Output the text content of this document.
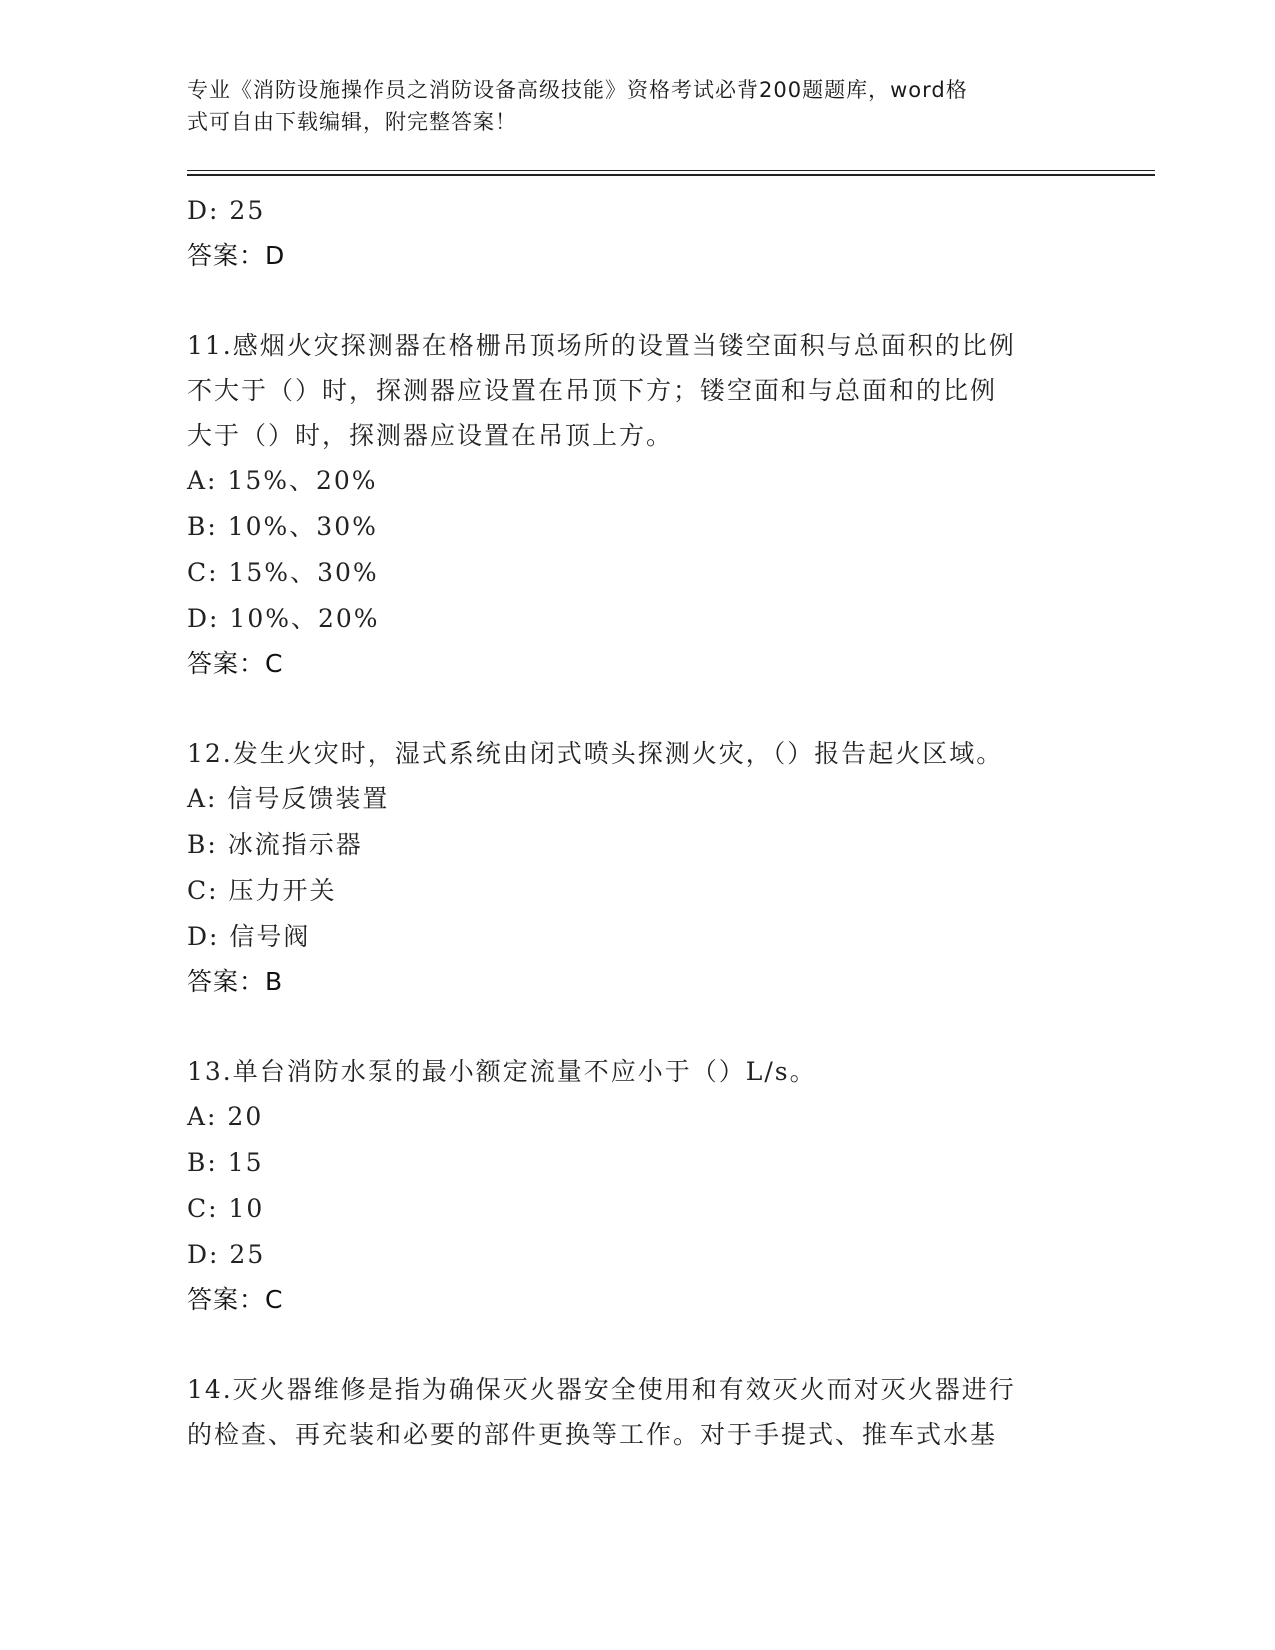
专业《消防设施操作员之消防设备高级技能》资格考试必背200题题库，word格
式可自由下载编辑，附完整答案！
D: 25
答案：D
11.感烟火灾探测器在格栅吊顶场所的设置当镂空面积与总面积的比例
不大于（）时，探测器应设置在吊顶下方；镂空面和与总面和的比例
大于（）时，探测器应设置在吊顶上方。
A: 15%、20%
B: 10%、30%
C: 15%、30%
D: 10%、20%
答案：C
12.发生火灾时，湿式系统由闭式喷头探测火灾，（）报告起火区域。
A: 信号反馈装置
B: 冰流指示器
C: 压力开关
D: 信号阀
答案：B
13.单台消防水泵的最小额定流量不应小于（）L/s。
A: 20
B: 15
C: 10
D: 25
答案：C
14.灭火器维修是指为确保灭火器安全使用和有效灭火而对灭火器进行
的检查、再充装和必要的部件更换等工作。对于手提式、推车式水基
